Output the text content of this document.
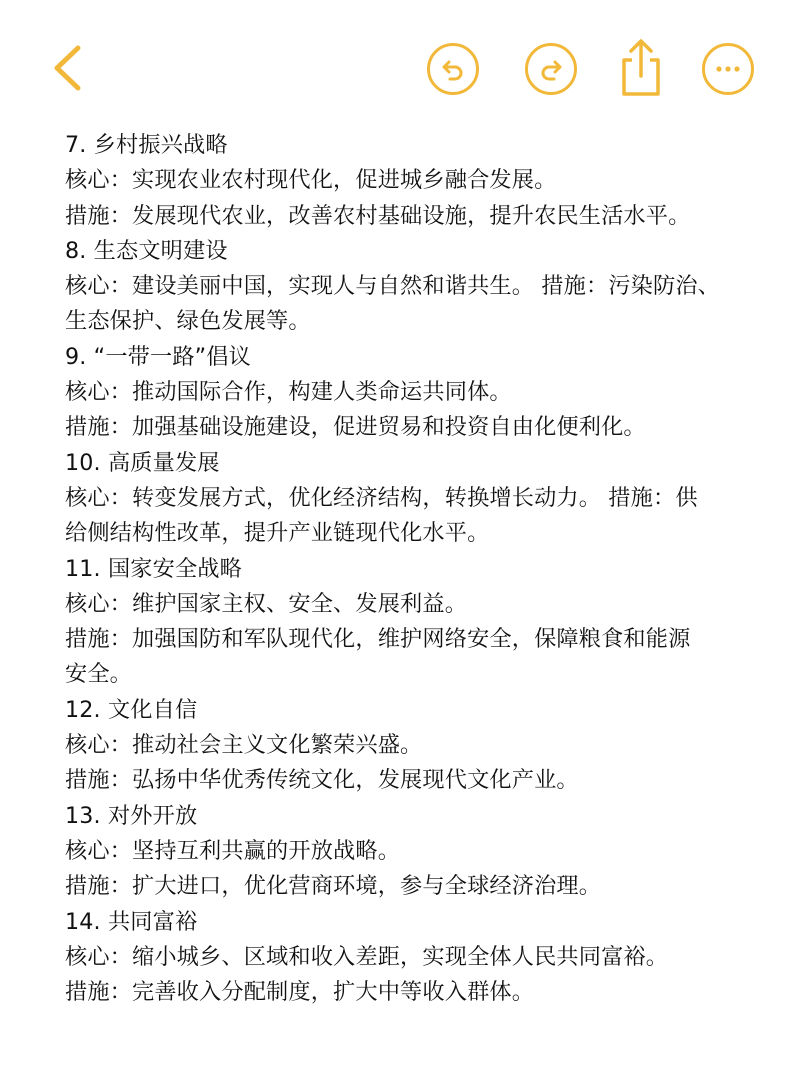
7. 乡村振兴战略
核心：实现农业农村现代化，促进城乡融合发展。
措施：发展现代农业，改善农村基础设施，提升农民生活水平。
8. 生态文明建设
核心：建设美丽中国，实现人与自然和谐共生。 措施：污染防治、
生态保护、绿色发展等。
9. “一带一路”倡议
核心：推动国际合作，构建人类命运共同体。
措施：加强基础设施建设，促进贸易和投资自由化便利化。
10. 高质量发展
核心：转变发展方式，优化经济结构，转换增长动力。 措施：供
给侧结构性改革，提升产业链现代化水平。
11. 国家安全战略
核心：维护国家主权、安全、发展利益。
措施：加强国防和军队现代化，维护网络安全，保障粮食和能源
安全。
12. 文化自信
核心：推动社会主义文化繁荣兴盛。
措施：弘扬中华优秀传统文化，发展现代文化产业。
13. 对外开放
核心：坚持互利共赢的开放战略。
措施：扩大进口，优化营商环境，参与全球经济治理。
14. 共同富裕
核心：缩小城乡、区域和收入差距，实现全体人民共同富裕。
措施：完善收入分配制度，扩大中等收入群体。
